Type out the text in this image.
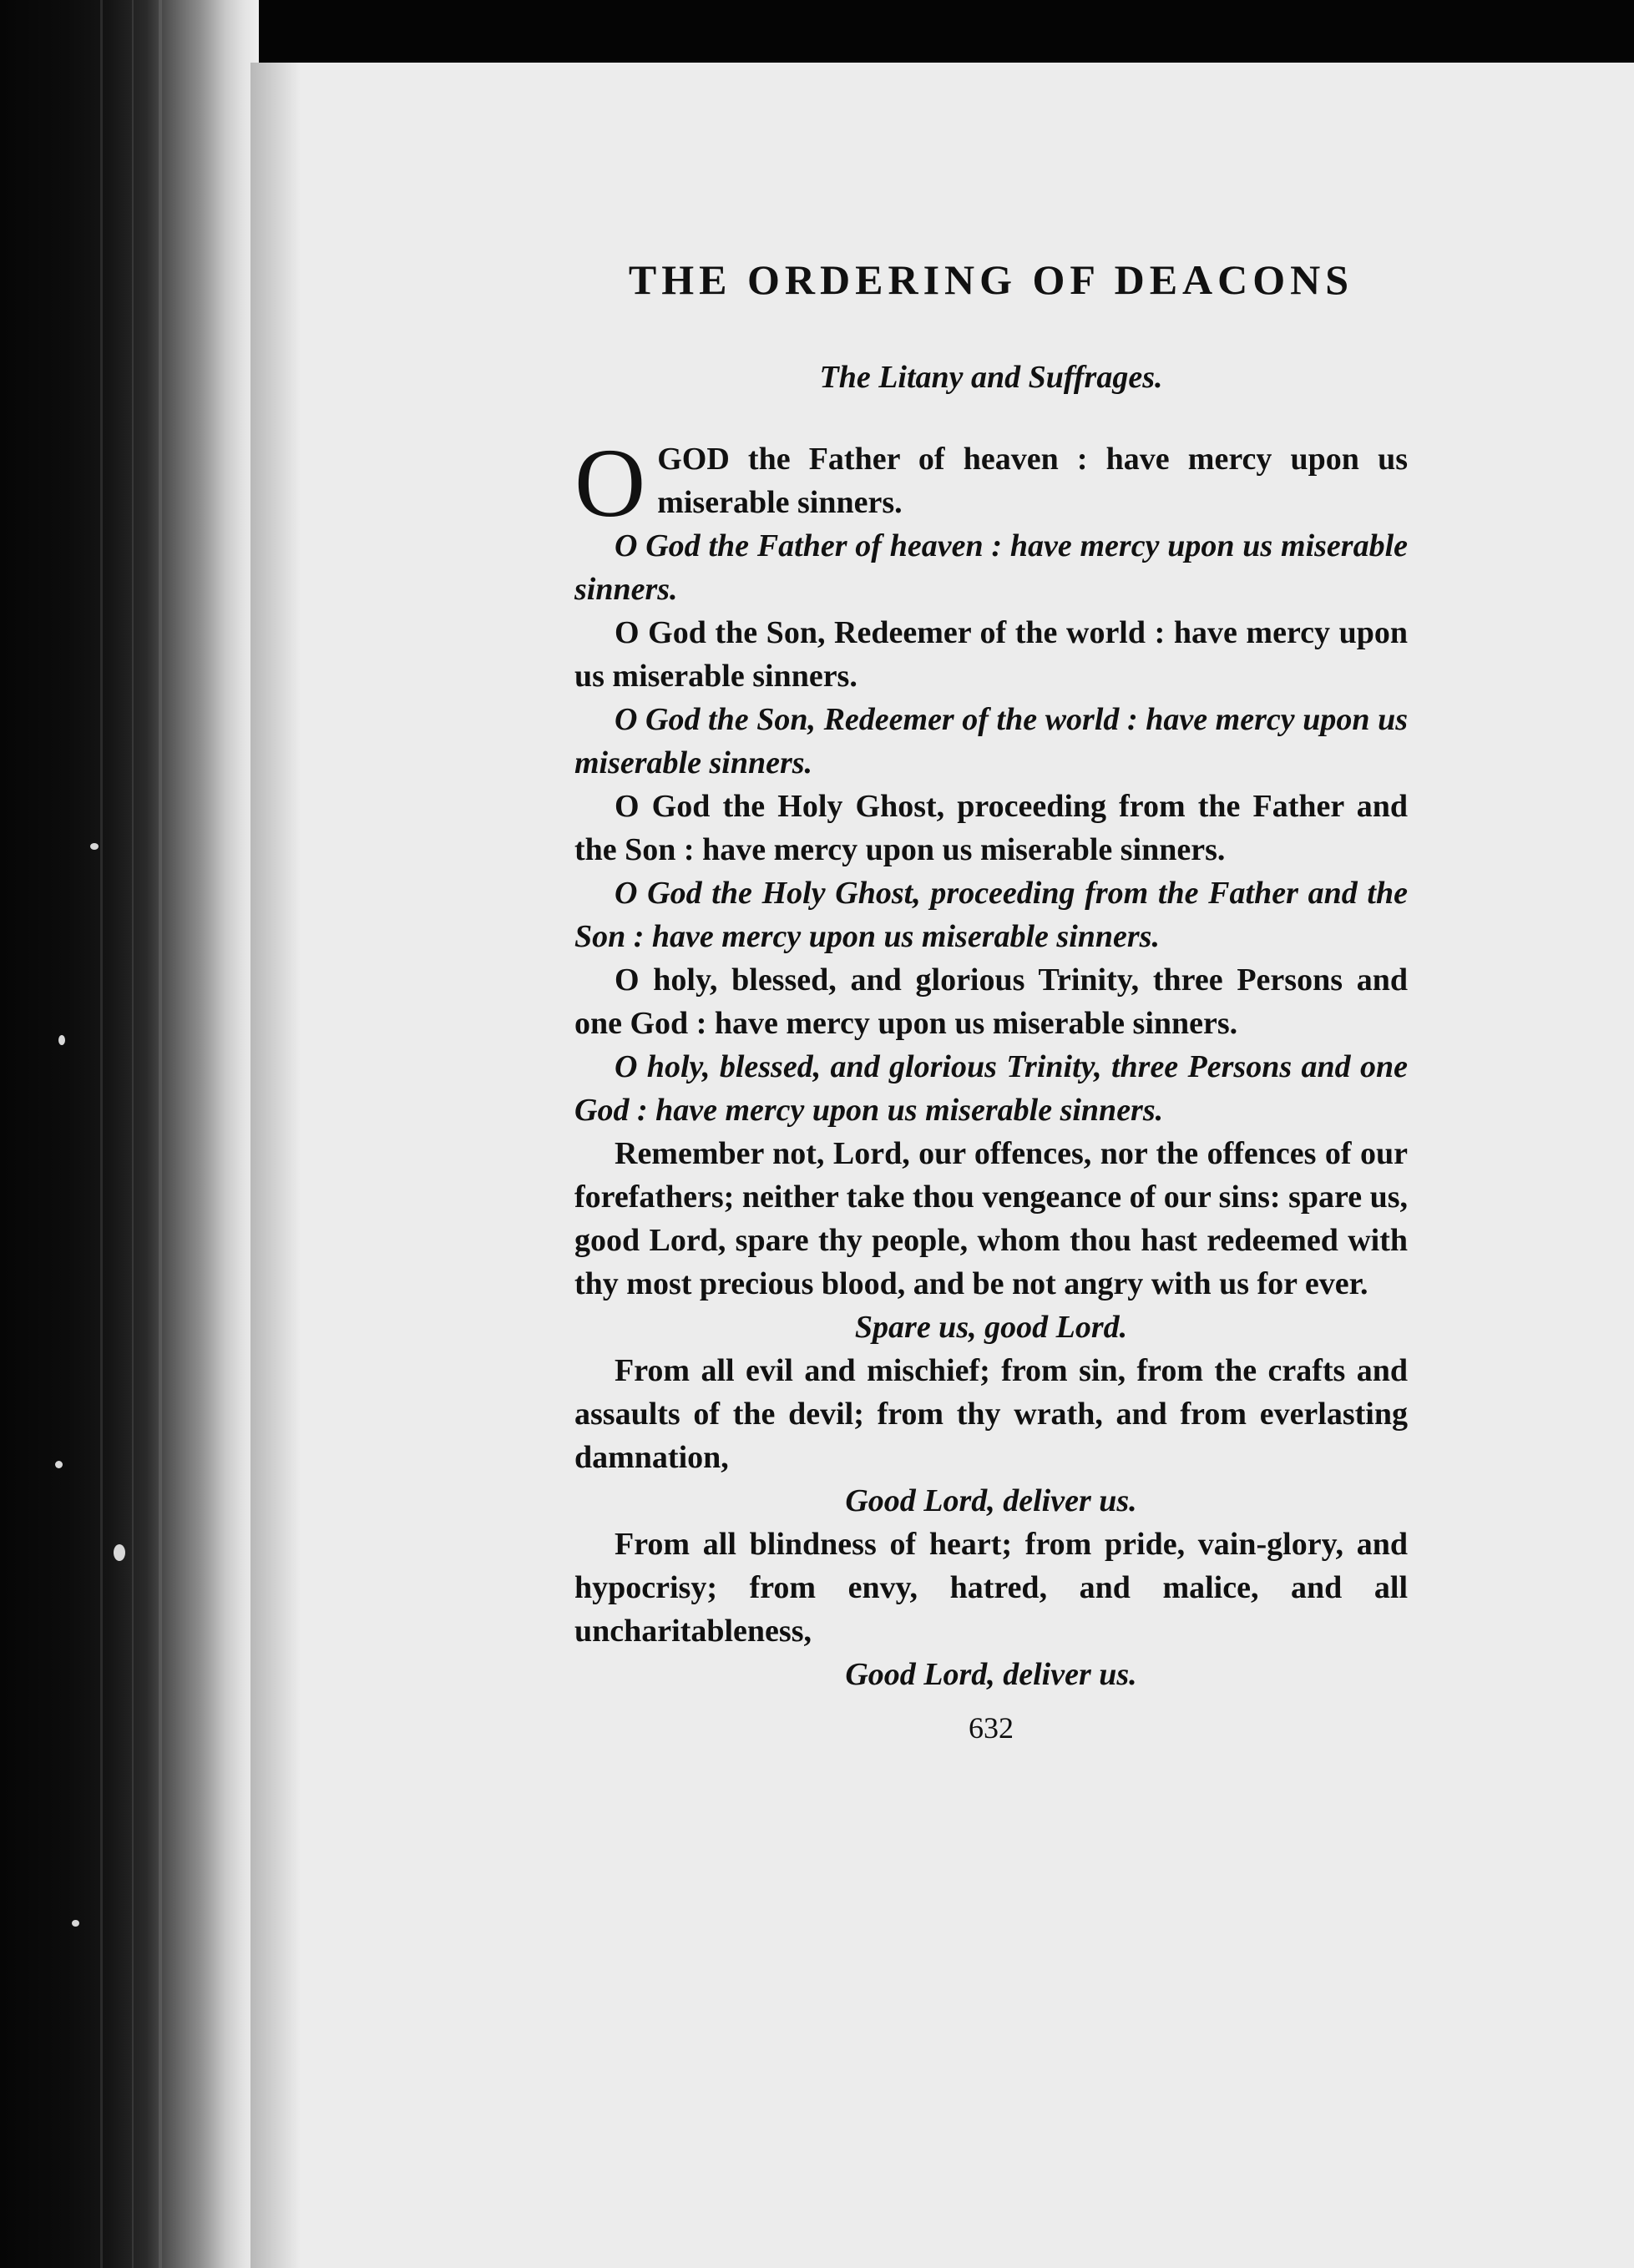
THE ORDERING OF DEACONS
The Litany and Suffrages.

OGOD the Father of heaven : have mercy upon us miserable sinners.

O God the Father of heaven : have mercy upon us miserable sinners.

O God the Son, Redeemer of the world : have mercy upon us miserable sinners.

O God the Son, Redeemer of the world : have mercy upon us miserable sinners.

O God the Holy Ghost, proceeding from the Father and the Son : have mercy upon us miserable sinners.

O God the Holy Ghost, proceeding from the Father and the Son : have mercy upon us miserable sinners.

O holy, blessed, and glorious Trinity, three Persons and one God : have mercy upon us miserable sinners.

O holy, blessed, and glorious Trinity, three Persons and one God : have mercy upon us miserable sinners.

Remember not, Lord, our offences, nor the offences of our forefathers; neither take thou vengeance of our sins: spare us, good Lord, spare thy people, whom thou hast redeemed with thy most precious blood, and be not angry with us for ever.

Spare us, good Lord.

From all evil and mischief; from sin, from the crafts and assaults of the devil; from thy wrath, and from everlasting damnation,

Good Lord, deliver us.

From all blindness of heart; from pride, vain-glory, and hypocrisy; from envy, hatred, and malice, and all uncharitableness,

Good Lord, deliver us.

632
